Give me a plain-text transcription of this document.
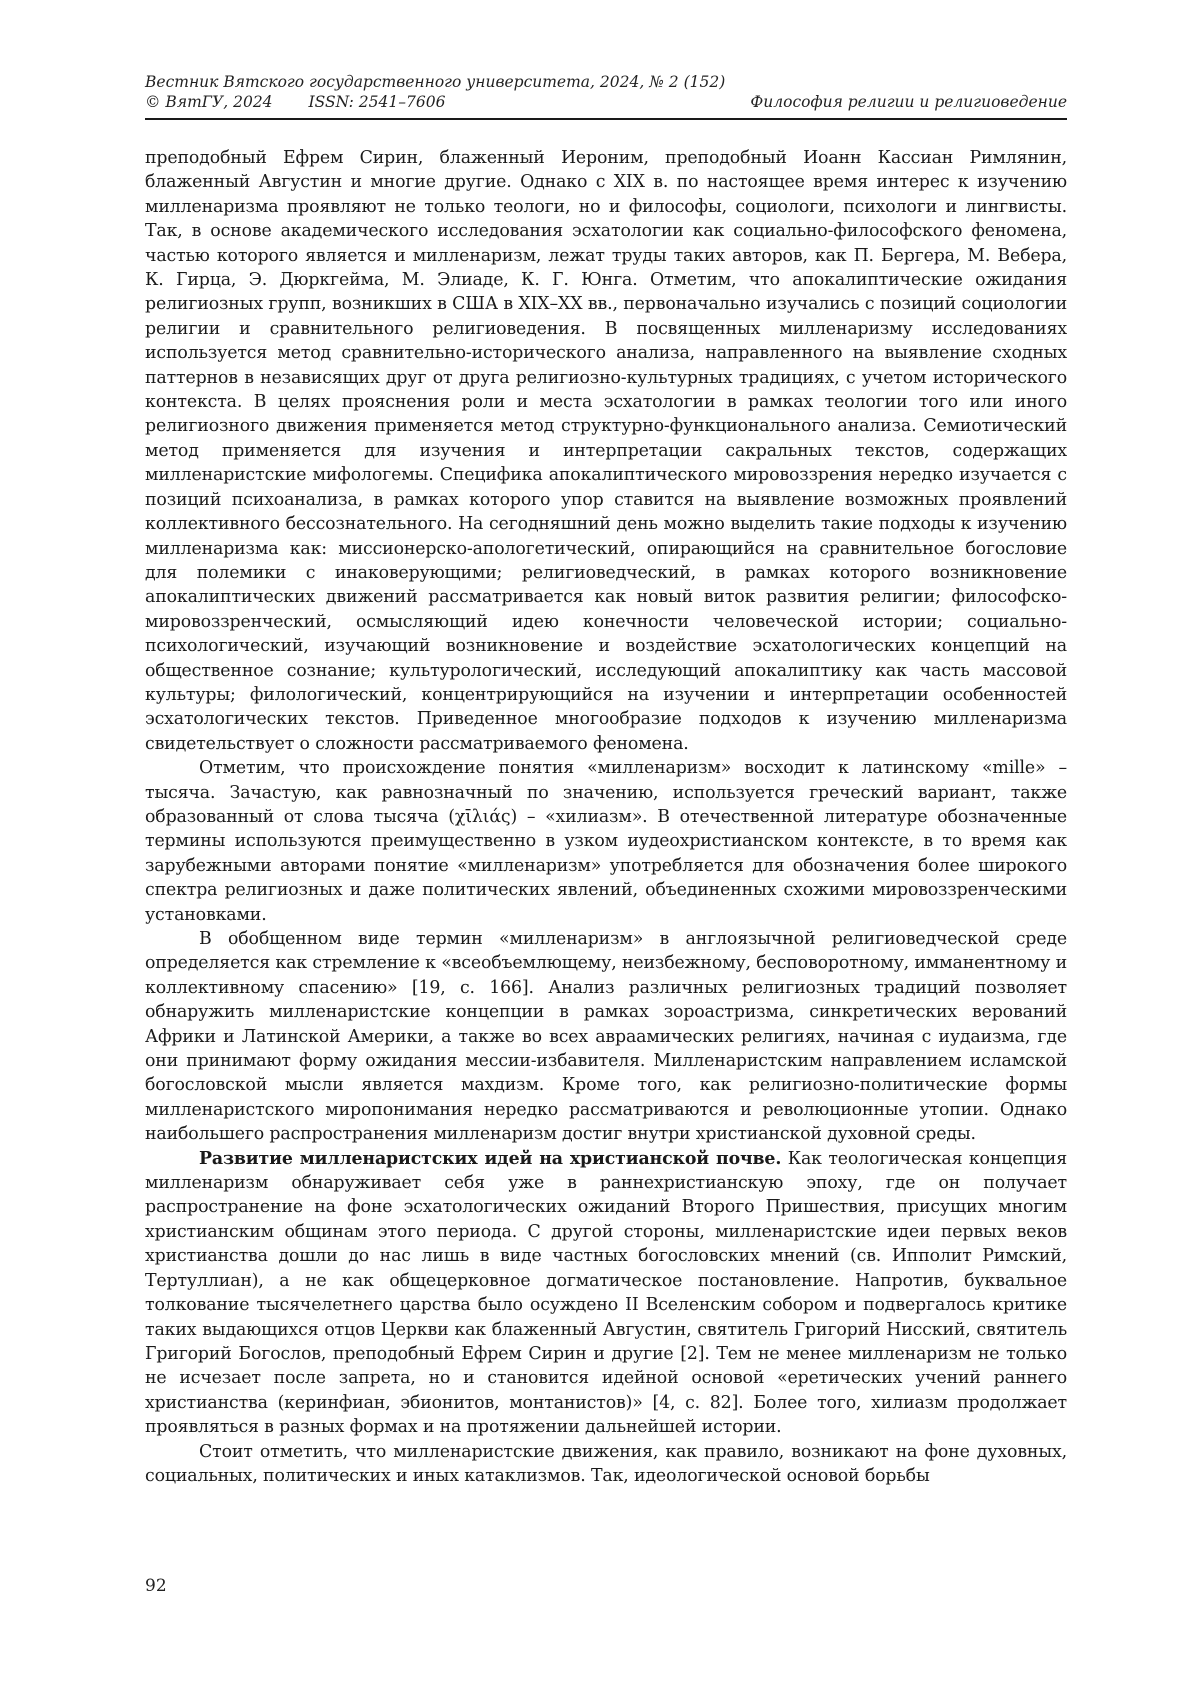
Вестник Вятского государственного университета, 2024, № 2 (152)
© ВятГУ, 2024 ISSN: 2541–7606	Философия религии и религиоведение

преподобный Ефрем Сирин, блаженный Иероним, преподобный Иоанн Кассиан Римлянин, блаженный Августин и многие другие. Однако с XIX в. по настоящее время интерес к изучению милленаризма проявляют не только теологи, но и философы, социологи, психологи и лингвисты. Так, в основе академического исследования эсхатологии как социально-философского феномена, частью которого является и милленаризм, лежат труды таких авторов, как П. Бергера, М. Вебера, К. Гирца, Э. Дюркгейма, М. Элиаде, К. Г. Юнга. Отметим, что апокалиптические ожидания религиозных групп, возникших в США в XIX–XX вв., первоначально изучались с позиций социологии религии и сравнительного религиоведения. В посвященных милленаризму исследованиях используется метод сравнительно-исторического анализа, направленного на выявление сходных паттернов в независящих друг от друга религиозно-культурных традициях, с учетом исторического контекста. В целях прояснения роли и места эсхатологии в рамках теологии того или иного религиозного движения применяется метод структурно-функционального анализа. Семиотический метод применяется для изучения и интерпретации сакральных текстов, содержащих милленаристские мифологемы. Специфика апокалиптического мировоззрения нередко изучается с позиций психоанализа, в рамках которого упор ставится на выявление возможных проявлений коллективного бессознательного. На сегодняшний день можно выделить такие подходы к изучению милленаризма как: миссионерско-апологетический, опирающийся на сравнительное богословие для полемики с инаковерующими; религиоведческий, в рамках которого возникновение апокалиптических движений рассматривается как новый виток развития религии; философско-мировоззренческий, осмысляющий идею конечности человеческой истории; социально-психологический, изучающий возникновение и воздействие эсхатологических концепций на общественное сознание; культурологический, исследующий апокалиптику как часть массовой культуры; филологический, концентрирующийся на изучении и интерпретации особенностей эсхатологических текстов. Приведенное многообразие подходов к изучению милленаризма свидетельствует о сложности рассматриваемого феномена.

Отметим, что происхождение понятия «милленаризм» восходит к латинскому «mille» – тысяча. Зачастую, как равнозначный по значению, используется греческий вариант, также образованный от слова тысяча (χῑλιάς) – «хилиазм». В отечественной литературе обозначенные термины используются преимущественно в узком иудеохристианском контексте, в то время как зарубежными авторами понятие «милленаризм» употребляется для обозначения более широкого спектра религиозных и даже политических явлений, объединенных схожими мировоззренческими установками.

В обобщенном виде термин «милленаризм» в англоязычной религиоведческой среде определяется как стремление к «всеобъемлющему, неизбежному, бесповоротному, имманентному и коллективному спасению» [19, с. 166]. Анализ различных религиозных традиций позволяет обнаружить милленаристские концепции в рамках зороастризма, синкретических верований Африки и Латинской Америки, а также во всех авраамических религиях, начиная с иудаизма, где они принимают форму ожидания мессии-избавителя. Милленаристским направлением исламской богословской мысли является махдизм. Кроме того, как религиозно-политические формы милленаристского миропонимания нередко рассматриваются и революционные утопии. Однако наибольшего распространения милленаризм достиг внутри христианской духовной среды.

Развитие милленаристских идей на христианской почве. Как теологическая концепция милленаризм обнаруживает себя уже в раннехристианскую эпоху, где он получает распространение на фоне эсхатологических ожиданий Второго Пришествия, присущих многим христианским общинам этого периода. С другой стороны, милленаристские идеи первых веков христианства дошли до нас лишь в виде частных богословских мнений (св. Ипполит Римский, Тертуллиан), а не как общецерковное догматическое постановление. Напротив, буквальное толкование тысячелетнего царства было осуждено II Вселенским собором и подвергалось критике таких выдающихся отцов Церкви как блаженный Августин, святитель Григорий Нисский, святитель Григорий Богослов, преподобный Ефрем Сирин и другие [2]. Тем не менее милленаризм не только не исчезает после запрета, но и становится идейной основой «еретических учений раннего христианства (керинфиан, эбионитов, монтанистов)» [4, с. 82]. Более того, хилиазм продолжает проявляться в разных формах и на протяжении дальнейшей истории.

Стоит отметить, что милленаристские движения, как правило, возникают на фоне духовных, социальных, политических и иных катаклизмов. Так, идеологической основой борьбы

92
